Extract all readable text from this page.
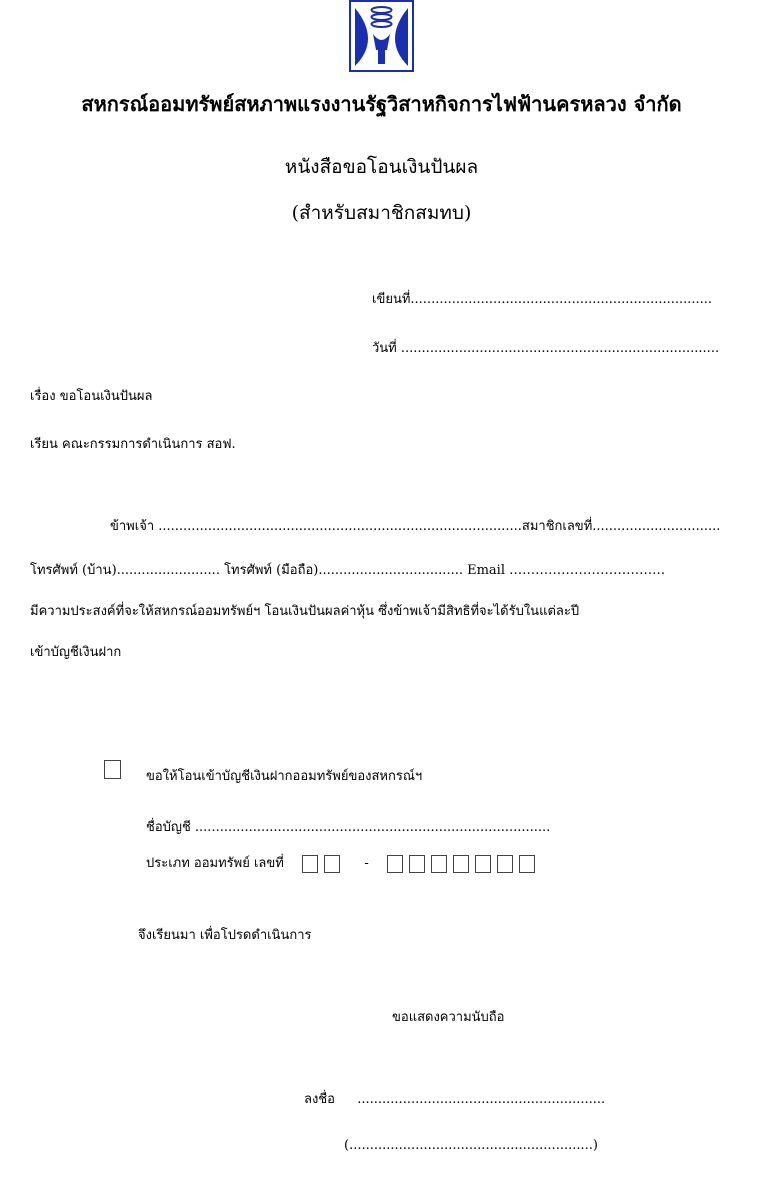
สหกรณ์ออมทรัพย์สหภาพแรงงานรัฐวิสาหกิจการไฟฟ้านครหลวง จำกัด
หนังสือขอโอนเงินปันผล
(สำหรับสมาชิกสมทบ)
เขียนที่.........................................................................
วันที่ .............................................................................
เรื่อง ขอโอนเงินปันผล
เรียน คณะกรรมการดำเนินการ สอฟ.
ข้าพเจ้า ........................................................................................สมาชิกเลขที่...............................
โทรศัพท์ (บ้าน)......................... โทรศัพท์ (มือถือ)................................... Email ………………………………
มีความประสงค์ที่จะให้สหกรณ์ออมทรัพย์ฯ โอนเงินปันผลค่าหุ้น ซึ่งข้าพเจ้ามีสิทธิที่จะได้รับในแต่ละปี
เข้าบัญชีเงินฝาก
ขอให้โอนเข้าบัญชีเงินฝากออมทรัพย์ของสหกรณ์ฯ
ชื่อบัญชี ......................................................................................
ประเภท ออมทรัพย์ เลขที่	-
จึงเรียนมา เพื่อโปรดดำเนินการ
ขอแสดงความนับถือ
ลงชื่อ ............................................................
(...........................................................)
